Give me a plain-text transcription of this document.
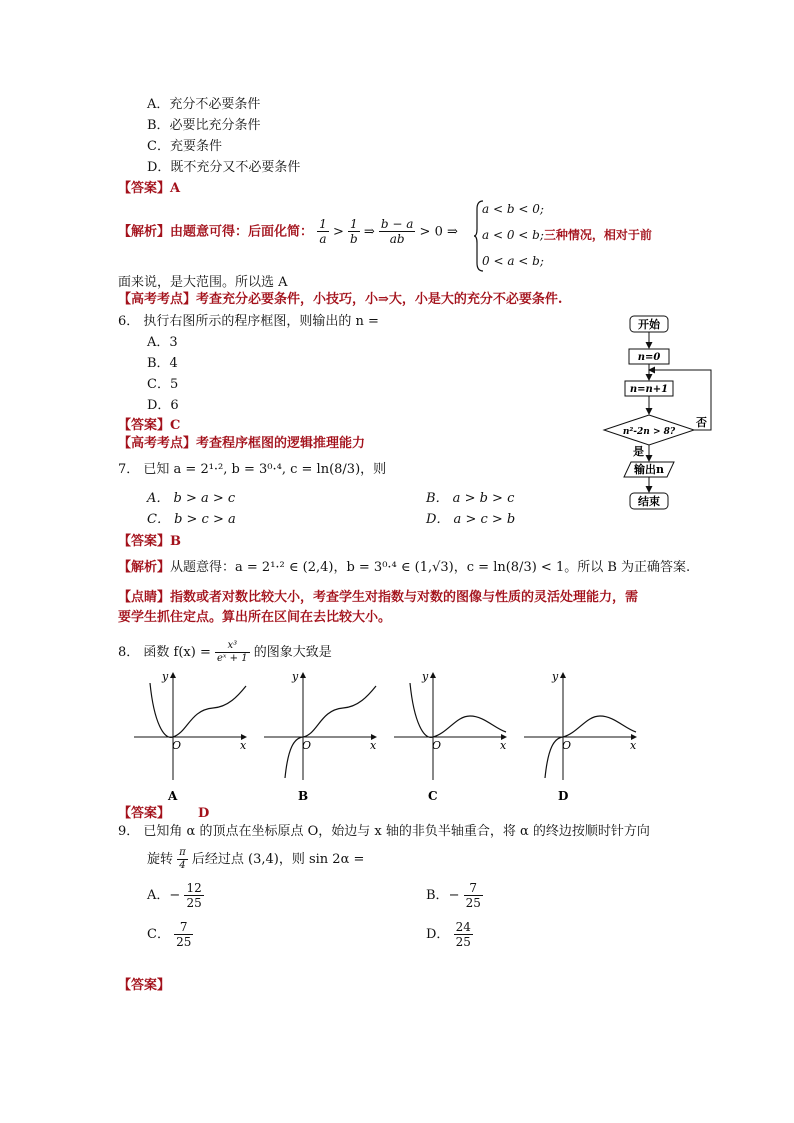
A．充分不必要条件
B．必要比充分条件
C．充要条件
D．既不充分又不必要条件
【答案】A
【解析】由题意可得：后面化简： $\frac{1}{a} > \frac{1}{b}$ ⇒ $\frac{b - a}{ab} > 0$ ⇒
a < b < 0;
a < 0 < b;三种情况，相对于前
0 < a < b;
面来说，是大范围。所以选 A
【高考考点】考查充分必要条件，小技巧，小⇒大，小是大的充分不必要条件.
6． 执行右图所示的程序框图，则输出的 n =
A．3
B．4
C．5
D．6
【答案】C
【高考考点】考查程序框图的逻辑推理能力
开始
n=0
n=n+1
n²-2n > 8?
否
是
输出n
结束
7． 已知 a = 2¹·², b = 3⁰·⁴, c = ln(8/3)，则
A． b > a > c	B． a > b > c
C． b > c > a	D． a > c > b
【答案】B
【解析】从题意得：a = 2¹·² ∈ (2,4)，b = 3⁰·⁴ ∈ (1,√3)，c = ln(8/3) < 1。所以 B 为正确答案.
【点睛】指数或者对数比较大小，考查学生对指数与对数的图像与性质的灵活处理能力，需
要学生抓住定点。算出所在区间在去比较大小。
8． 函数 $f(x) = \frac{\text{x³}}{\text{eˣ + 1}}$ 的图象大致是
y
x
O
A
y
x
O
B
y
x
O
C
y
x
O
D
【答案】 D
9． 已知角 α 的顶点在坐标原点 O，始边与 x 轴的非负半轴重合，将 α 的终边按顺时针方向
旋转 $\frac{\pi}{4}$ 后经过点 (3,4)，则 sin 2α =
A．− $\frac{12}{25}$	B．− $\frac{7}{25}$
C． $\frac{7}{25}$	D． $\frac{24}{25}$
【答案】
